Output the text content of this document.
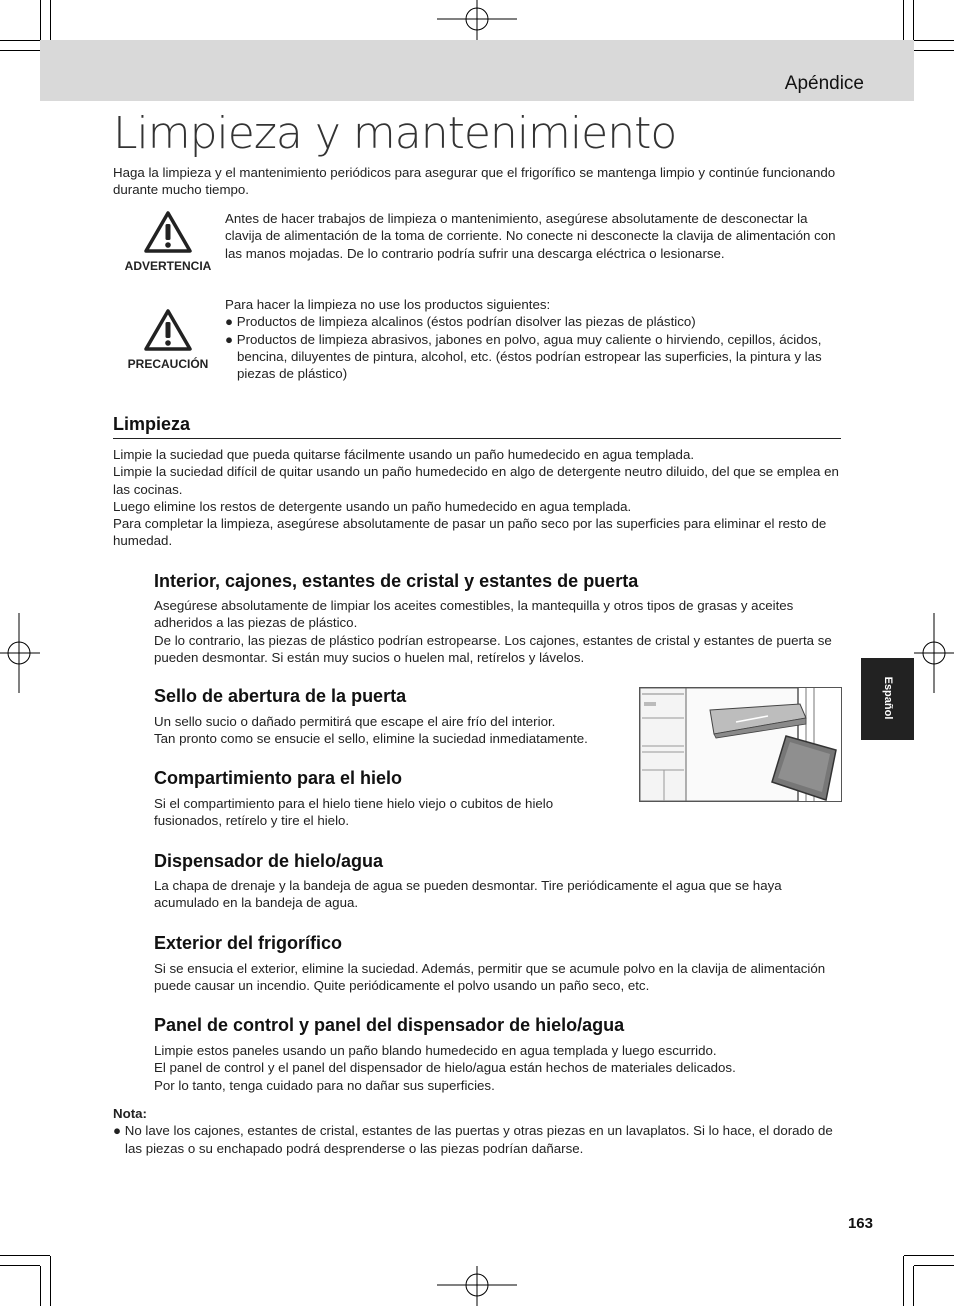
Apéndice
Limpieza y mantenimiento

Haga la limpieza y el mantenimiento periódicos para asegurar que el frigorífico se mantenga limpio y continúe funcionando durante mucho tiempo.

ADVERTENCIA

Antes de hacer trabajos de limpieza o mantenimiento, asegúrese absolutamente de desconectar la clavija de alimentación de la toma de corriente. No conecte ni desconecte la clavija de alimentación con las manos mojadas. De lo contrario podría sufrir una descarga eléctrica o lesionarse.

PRECAUCIÓN

Para hacer la limpieza no use los productos siguientes:

● Productos de limpieza alcalinos (éstos podrían disolver las piezas de plástico)

● Productos de limpieza abrasivos, jabones en polvo, agua muy caliente o hirviendo, cepillos, ácidos, bencina, diluyentes de pintura, alcohol, etc. (éstos podrían estropear las superficies, la pintura y las piezas de plástico)

Limpieza

Limpie la suciedad que pueda quitarse fácilmente usando un paño humedecido en agua templada.

Limpie la suciedad difícil de quitar usando un paño humedecido en algo de detergente neutro diluido, del que se emplea en las cocinas.

Luego elimine los restos de detergente usando un paño humedecido en agua templada.

Para completar la limpieza, asegúrese absolutamente de pasar un paño seco por las superficies para eliminar el resto de humedad.

Interior, cajones, estantes de cristal y estantes de puerta

Asegúrese absolutamente de limpiar los aceites comestibles, la mantequilla y otros tipos de grasas y aceites adheridos a las piezas de plástico.

De lo contrario, las piezas de plástico podrían estropearse. Los cajones, estantes de cristal y estantes de puerta se pueden desmontar. Si están muy sucios o huelen mal, retírelos y lávelos.

Sello de abertura de la puerta

Un sello sucio o dañado permitirá que escape el aire frío del interior.

Tan pronto como se ensucie el sello, elimine la suciedad inmediatamente.

Compartimiento para el hielo

Si el compartimiento para el hielo tiene hielo viejo o cubitos de hielo fusionados, retírelo y tire el hielo.

Dispensador de hielo/agua

La chapa de drenaje y la bandeja de agua se pueden desmontar. Tire periódicamente el agua que se haya acumulado en la bandeja de agua.

Exterior del frigorífico

Si se ensucia el exterior, elimine la suciedad. Además, permitir que se acumule polvo en la clavija de alimentación puede causar un incendio. Quite periódicamente el polvo usando un paño seco, etc.

Panel de control y panel del dispensador de hielo/agua

Limpie estos paneles usando un paño blando humedecido en agua templada y luego escurrido.

El panel de control y el panel del dispensador de hielo/agua están hechos de materiales delicados.

Por lo tanto, tenga cuidado para no dañar sus superficies.

Nota:

● No lave los cajones, estantes de cristal, estantes de las puertas y otras piezas en un lavaplatos. Si lo hace, el dorado de las piezas o su enchapado podrá desprenderse o las piezas podrían dañarse.

Español
163
